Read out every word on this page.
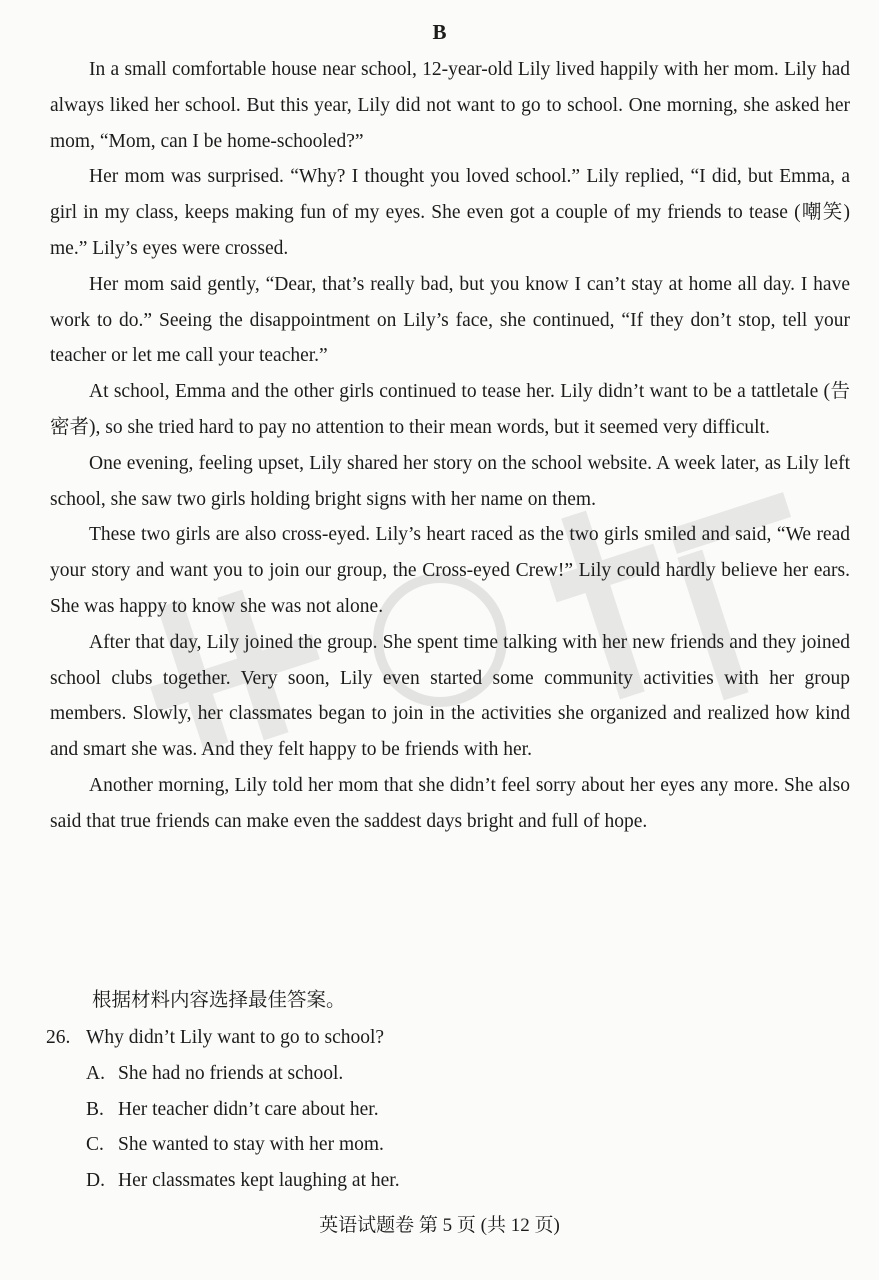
B

In a small comfortable house near school, 12-year-old Lily lived happily with her mom. Lily had always liked her school. But this year, Lily did not want to go to school. One morning, she asked her mom, “Mom, can I be home-schooled?”

Her mom was surprised. “Why? I thought you loved school.” Lily replied, “I did, but Emma, a girl in my class, keeps making fun of my eyes. She even got a couple of my friends to tease (嘲笑) me.” Lily’s eyes were crossed.

Her mom said gently, “Dear, that’s really bad, but you know I can’t stay at home all day. I have work to do.” Seeing the disappointment on Lily’s face, she continued, “If they don’t stop, tell your teacher or let me call your teacher.”

At school, Emma and the other girls continued to tease her. Lily didn’t want to be a tattletale (告密者), so she tried hard to pay no attention to their mean words, but it seemed very difficult.

One evening, feeling upset, Lily shared her story on the school website. A week later, as Lily left school, she saw two girls holding bright signs with her name on them.

These two girls are also cross-eyed. Lily’s heart raced as the two girls smiled and said, “We read your story and want you to join our group, the Cross-eyed Crew!” Lily could hardly believe her ears. She was happy to know she was not alone.

After that day, Lily joined the group. She spent time talking with her new friends and they joined school clubs together. Very soon, Lily even started some community activities with her group members. Slowly, her classmates began to join in the activities she organized and realized how kind and smart she was. And they felt happy to be friends with her.

Another morning, Lily told her mom that she didn’t feel sorry about her eyes any more. She also said that true friends can make even the saddest days bright and full of hope.

根据材料内容选择最佳答案。
26. Why didn’t Lily want to go to school?
A. She had no friends at school.
B. Her teacher didn’t care about her.
C. She wanted to stay with her mom.
D. Her classmates kept laughing at her.
英语试题卷 第 5 页 (共 12 页)
